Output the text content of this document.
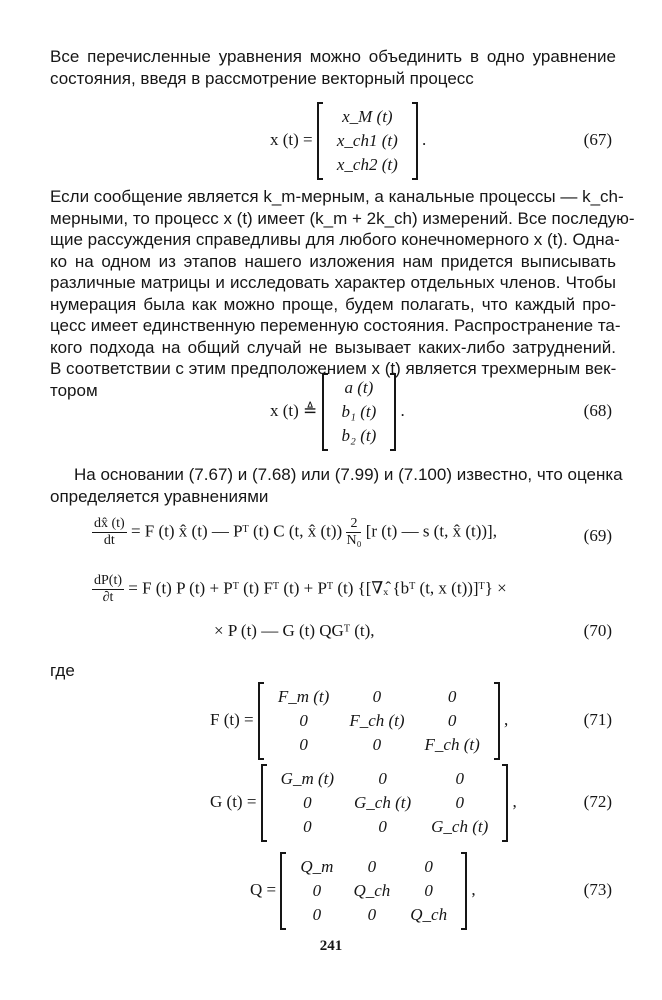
Все перечисленные уравнения можно объединить в одно уравнение
состояния, введя в рассмотрение векторный процесс
x (t) =
x_M (t)
x_ch1 (t)
x_ch2 (t)
.	(67)
Если сообщение является k_m-мерным, а канальные процессы — k_ch-
мерными, то процесс x (t) имеет (k_m + 2k_ch) измерений. Все последую-
щие рассуждения справедливы для любого конечномерного x (t). Одна-
ко на одном из этапов нашего изложения нам придется выписывать
различные матрицы и исследовать характер отдельных членов. Чтобы
нумерация была как можно проще, будем полагать, что каждый про-
цесс имеет единственную переменную состояния. Распространение та-
кого подхода на общий случай не вызывает каких-либо затруднений.
В соответствии с этим предположением x (t) является трехмерным век-
тором
x (t) ≜
a (t)
b₁ (t)
b₂ (t)
.	(68)
На основании (7.67) и (7.68) или (7.99) и (7.100) известно, что оценка
определяется уравнениями
$\frac{dx̂ (t)}{dt} = F$ (t) x̂ (t) — Pᵀ (t) C (t, x̂ $(t)) \frac{2}{\text{N₀}} [r$ (t) — s (t, x̂ (t))],	(69)
$\frac{dP(t)}{\partial t} = F$ (t) P (t) + Pᵀ (t) Fᵀ (t) + Pᵀ (t) {[∇ₓ̂ {bᵀ (t, x (t))]ᵀ} ×
× P (t) — G (t) QGᵀ (t),	(70)
где
F (t) =
F_m (t)	0	0
0	F_ch (t)	0
0	0	F_ch (t)
,	(71)
G (t) =
G_m (t)	0	0
0	G_ch (t)	0
0	0	G_ch (t)
,	(72)
Q =
Q_m	0	0
0	Q_ch	0
0	0	Q_ch
,	(73)
241
